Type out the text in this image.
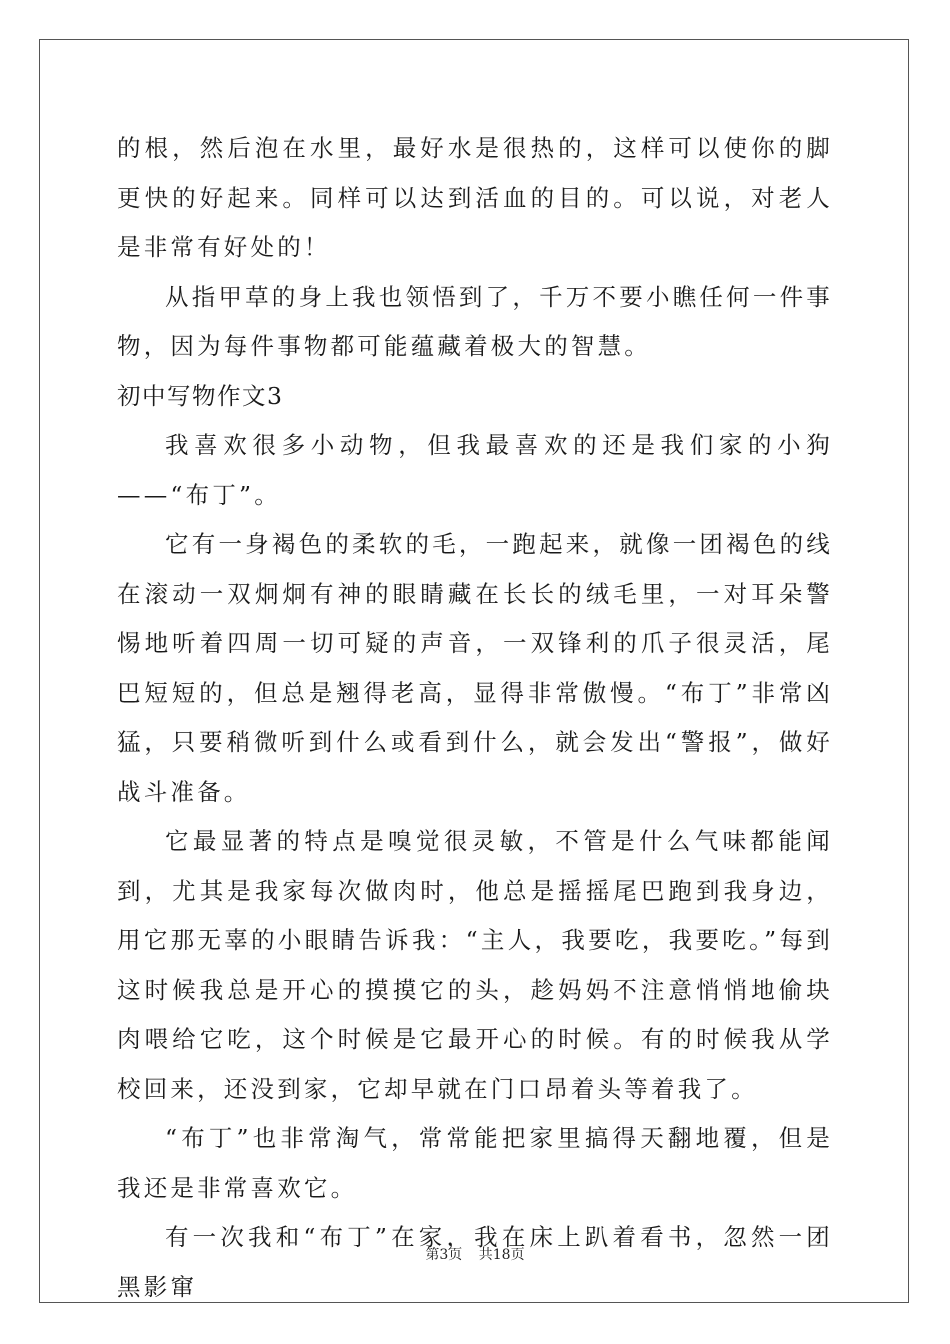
的根，然后泡在水里，最好水是很热的，这样可以使你的脚更快的好起来。同样可以达到活血的目的。可以说，对老人是非常有好处的！

从指甲草的身上我也领悟到了，千万不要小瞧任何一件事物，因为每件事物都可能蕴藏着极大的智慧。

初中写物作文3

我喜欢很多小动物，但我最喜欢的还是我们家的小狗——“布丁”。

它有一身褐色的柔软的毛，一跑起来，就像一团褐色的线在滚动一双炯炯有神的眼睛藏在长长的绒毛里，一对耳朵警惕地听着四周一切可疑的声音，一双锋利的爪子很灵活，尾巴短短的，但总是翘得老高，显得非常傲慢。“布丁”非常凶猛，只要稍微听到什么或看到什么，就会发出“警报”，做好战斗准备。

它最显著的特点是嗅觉很灵敏，不管是什么气味都能闻到，尤其是我家每次做肉时，他总是摇摇尾巴跑到我身边，用它那无辜的小眼睛告诉我：“主人，我要吃，我要吃。”每到这时候我总是开心的摸摸它的头，趁妈妈不注意悄悄地偷块肉喂给它吃，这个时候是它最开心的时候。有的时候我从学校回来，还没到家，它却早就在门口昂着头等着我了。

“布丁”也非常淘气，常常能把家里搞得天翻地覆，但是我还是非常喜欢它。

有一次我和“布丁”在家，我在床上趴着看书，忽然一团黑影窜

第3页 共18页
